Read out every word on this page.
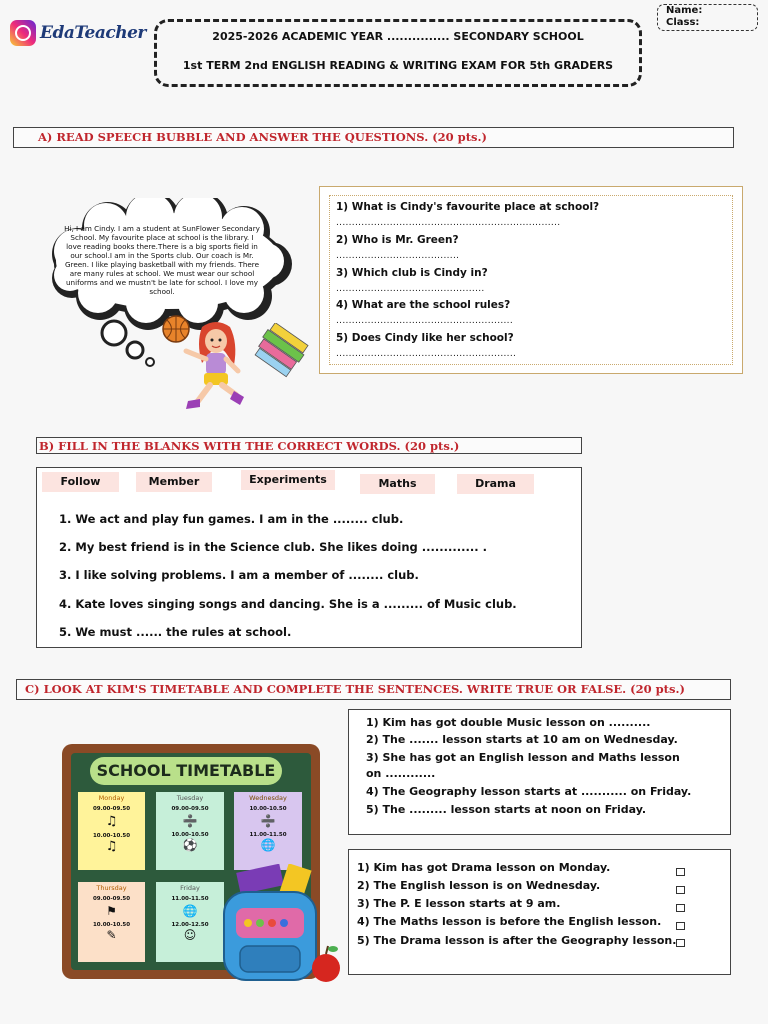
EdaTeacher	2025-2026 ACADEMIC YEAR ............... SECONDARY SCHOOL
1st TERM 2nd ENGLISH READING & WRITING EXAM FOR 5th GRADERS
Name:
Class:
A) READ SPEECH BUBBLE AND ANSWER THE QUESTIONS. (20 pts.)
Hi, I am Cindy. I am a student at SunFlower Secondary School. My favourite place at school is the library. I love reading books there.There is a big sports field in our school.I am in the Sports club. Our coach is Mr. Green. I like playing basketball with my friends. There are many rules at school. We must wear our school uniforms and we mustn't be late for school. I love my school.
1) What is Cindy's favourite place at school?
.......................................................................
2) Who is Mr. Green?
.......................................
3) Which club is Cindy in?
...............................................
4) What are the school rules?
........................................................
5) Does Cindy like her school?
.........................................................
B) FILL IN THE BLANKS WITH THE CORRECT WORDS. (20 pts.)
Follow	Member	Experiments	Maths	Drama
1. We act and play fun games. I am in the ........ club.
2. My best friend is in the Science club. She likes doing ............. .
3. I like solving problems. I am a member of ........ club.
4. Kate loves singing songs and dancing. She is a ......... of Music club.
5. We must ...... the rules at school.
C) LOOK AT KIM'S TIMETABLE AND COMPLETE THE SENTENCES. WRITE TRUE OR FALSE. (20 pts.)
SCHOOL TIMETABLE
Monday
09.00-09.50
♫
10.00-10.50
♫
Tuesday
09.00-09.50
➗
10.00-10.50
⚽
Wednesday
10.00-10.50
➗
11.00-11.50
🌐
Thursday
09.00-09.50
⚑
10.00-10.50
✎
Friday
11.00-11.50
🌐
12.00-12.50
☺
1) Kim has got double Music lesson on ..........
2) The ....... lesson starts at 10 am on Wednesday.
3) She has got an English lesson and Maths lesson
on ............
4) The Geography lesson starts at ........... on Friday.
5) The ......... lesson starts at noon on Friday.
1) Kim has got Drama lesson on Monday.
2) The English lesson is on Wednesday.
3) The P. E lesson starts at 9 am.
4) The Maths lesson is before the English lesson.
5) The Drama lesson is after the Geography lesson.
